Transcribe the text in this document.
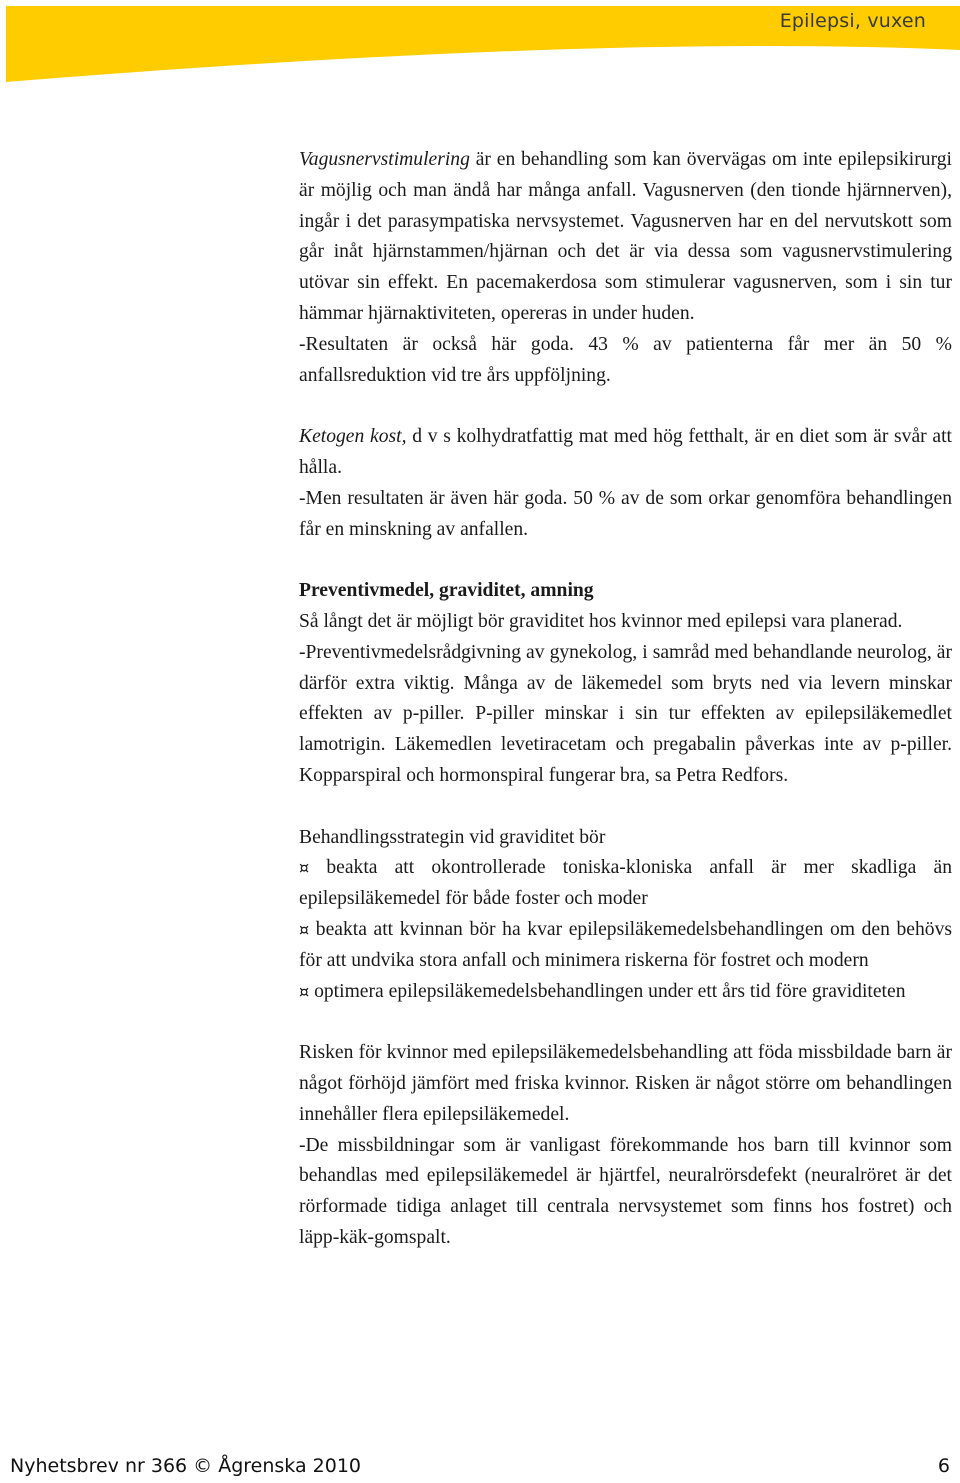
Epilepsi, vuxen

Vagusnervstimulering är en behandling som kan övervägas om inte epilepsikirurgi är möjlig och man ändå har många anfall. Vagusnerven (den tionde hjärnnerven), ingår i det parasympatiska nervsystemet. Vagusnerven har en del nervutskott som går inåt hjärnstammen/hjärnan och det är via dessa som vagusnervstimulering utövar sin effekt. En pacemakerdosa som stimulerar vagusnerven, som i sin tur hämmar hjärnaktiviteten, opereras in under huden.

-Resultaten är också här goda. 43 % av patienterna får mer än 50 % anfallsreduktion vid tre års uppföljning.

Ketogen kost, d v s kolhydratfattig mat med hög fetthalt, är en diet som är svår att hålla.

-Men resultaten är även här goda. 50 % av de som orkar genomföra behandlingen får en minskning av anfallen.

Preventivmedel, graviditet, amning

Så långt det är möjligt bör graviditet hos kvinnor med epilepsi vara planerad.

-Preventivmedelsrådgivning av gynekolog, i samråd med behandlande neurolog, är därför extra viktig. Många av de läkemedel som bryts ned via levern minskar effekten av p-piller. P-piller minskar i sin tur effekten av epilepsiläkemedlet lamotrigin. Läkemedlen levetiracetam och pregabalin påverkas inte av p-piller. Kopparspiral och hormonspiral fungerar bra, sa Petra Redfors.

Behandlingsstrategin vid graviditet bör

¤ beakta att okontrollerade toniska-kloniska anfall är mer skadliga än epilepsiläkemedel för både foster och moder

¤ beakta att kvinnan bör ha kvar epilepsiläkemedelsbehandlingen om den behövs för att undvika stora anfall och minimera riskerna för fostret och modern

¤ optimera epilepsiläkemedelsbehandlingen under ett års tid före graviditeten

Risken för kvinnor med epilepsiläkemedelsbehandling att föda missbildade barn är något förhöjd jämfört med friska kvinnor. Risken är något större om behandlingen innehåller flera epilepsiläkemedel.

-De missbildningar som är vanligast förekommande hos barn till kvinnor som behandlas med epilepsiläkemedel är hjärtfel, neuralrörsdefekt (neuralröret är det rörformade tidiga anlaget till centrala nervsystemet som finns hos fostret) och läpp-käk-gomspalt.

Nyhetsbrev nr 366 © Ågrenska 2010	6
